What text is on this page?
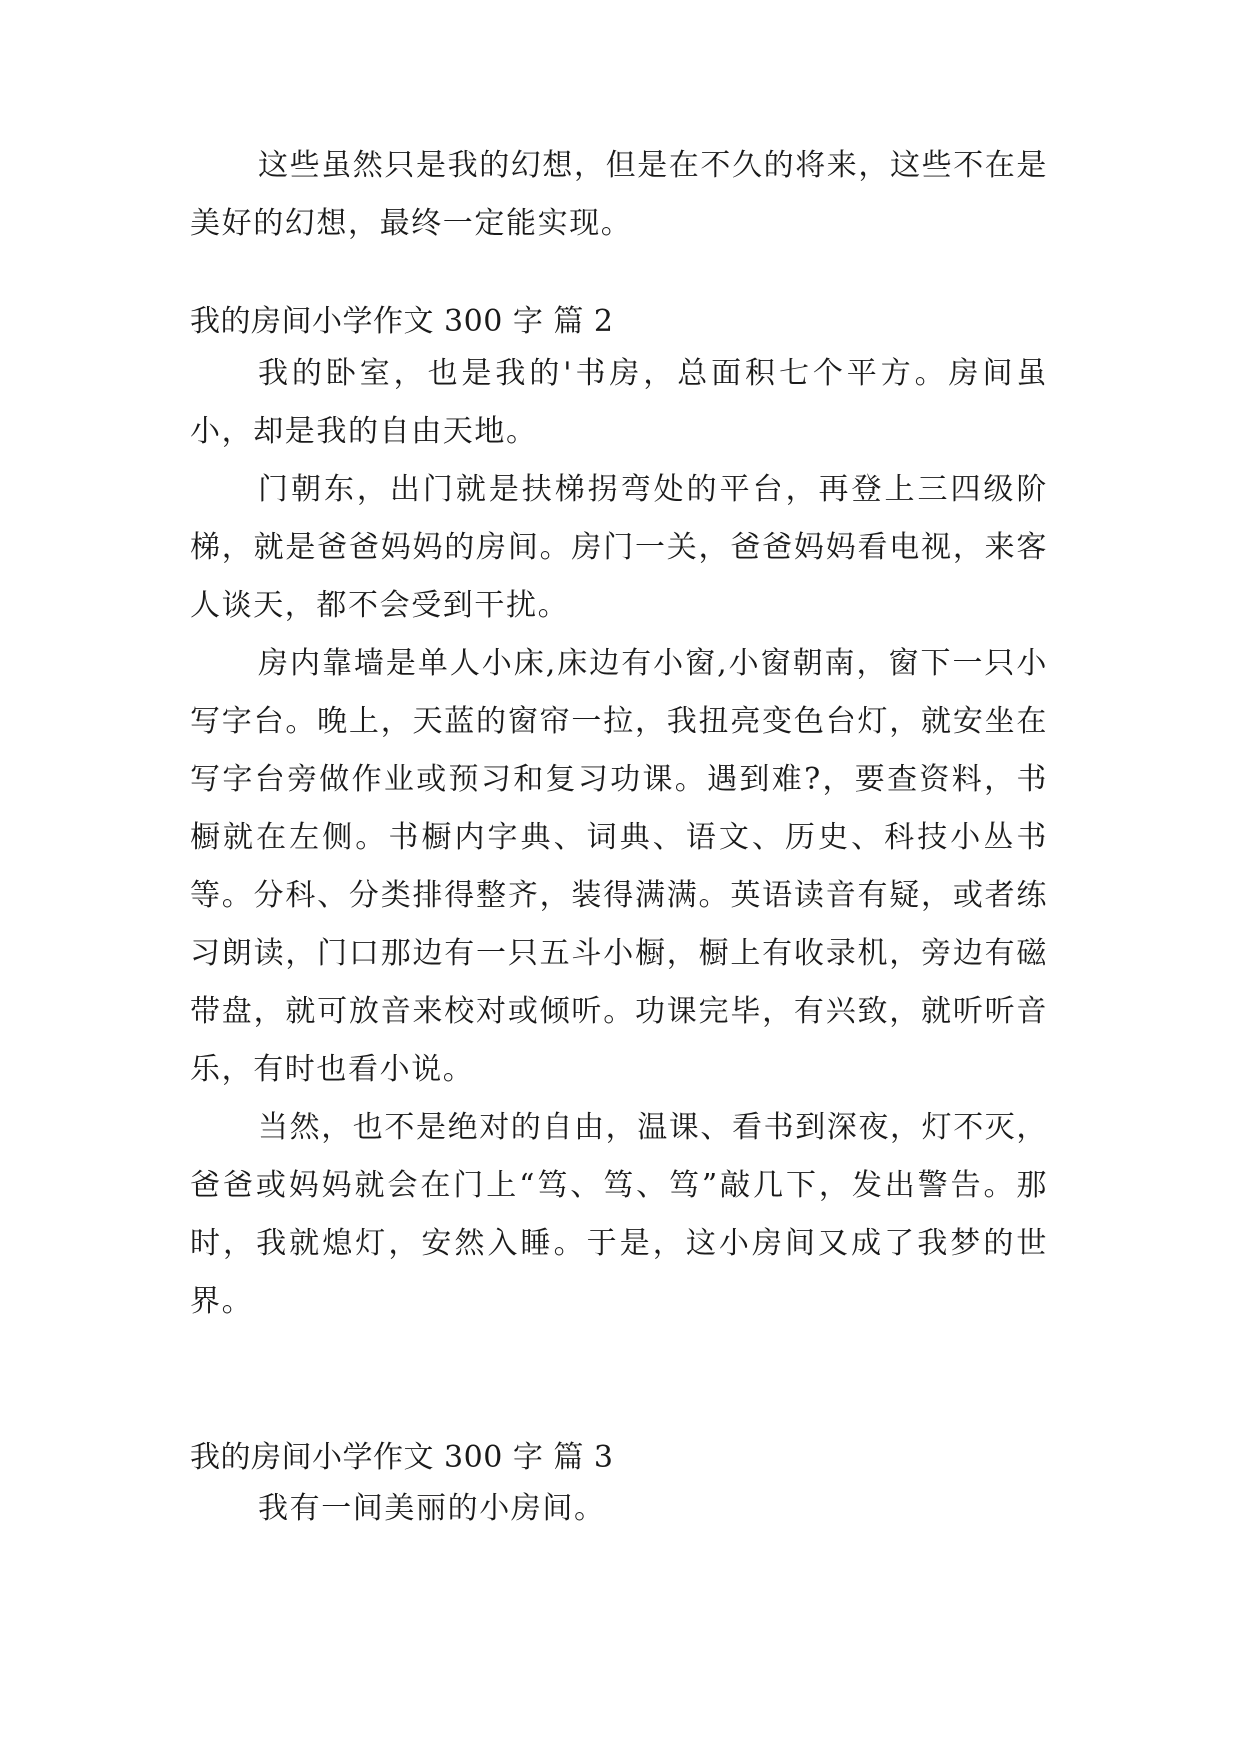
这些虽然只是我的幻想，但是在不久的将来，这些不在是美好的幻想，最终一定能实现。

我的房间小学作文 300 字 篇 2

我的卧室，也是我的'书房，总面积七个平方。房间虽小，却是我的自由天地。

门朝东，出门就是扶梯拐弯处的平台，再登上三四级阶梯，就是爸爸妈妈的房间。房门一关，爸爸妈妈看电视，来客人谈天，都不会受到干扰。

房内靠墙是单人小床,床边有小窗,小窗朝南，窗下一只小写字台。晚上，天蓝的窗帘一拉，我扭亮变色台灯，就安坐在写字台旁做作业或预习和复习功课。遇到难?，要查资料，书橱就在左侧。书橱内字典、词典、语文、历史、科技小丛书等。分科、分类排得整齐，装得满满。英语读音有疑，或者练习朗读，门口那边有一只五斗小橱，橱上有收录机，旁边有磁带盘，就可放音来校对或倾听。功课完毕，有兴致，就听听音乐，有时也看小说。

当然，也不是绝对的自由，温课、看书到深夜，灯不灭，爸爸或妈妈就会在门上“笃、笃、笃”敲几下，发出警告。那时，我就熄灯，安然入睡。于是，这小房间又成了我梦的世界。

我的房间小学作文 300 字 篇 3

我有一间美丽的小房间。
